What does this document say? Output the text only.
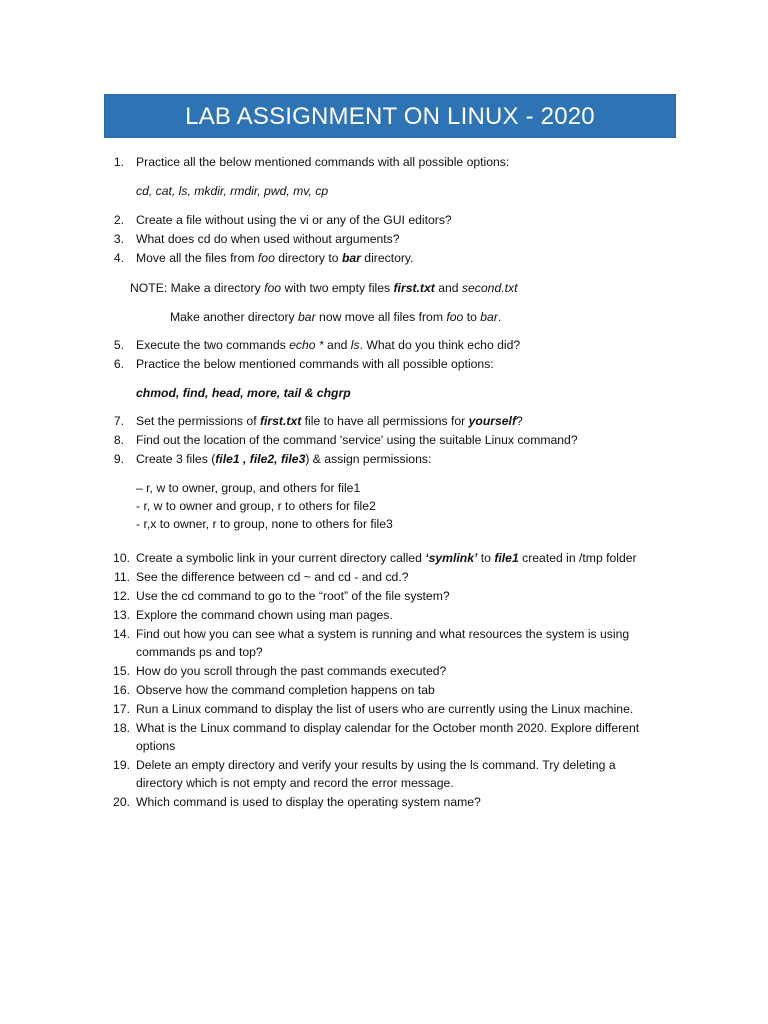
LAB ASSIGNMENT ON LINUX - 2020
1. Practice all the below mentioned commands with all possible options:
cd, cat, ls, mkdir, rmdir, pwd, mv, cp
2. Create a file without using the vi or any of the GUI editors?
3. What does cd do when used without arguments?
4. Move all the files from foo directory to bar directory.
NOTE: Make a directory foo with two empty files first.txt and second.txt
Make another directory bar now move all files from foo to bar.
5. Execute the two commands echo * and ls. What do you think echo did?
6. Practice the below mentioned commands with all possible options:
chmod, find, head, more, tail & chgrp
7. Set the permissions of first.txt file to have all permissions for yourself?
8. Find out the location of the command 'service' using the suitable Linux command?
9. Create 3 files (file1 , file2, file3) & assign permissions:
– r, w to owner, group, and others for file1
- r, w to owner and group, r to others for file2
- r,x to owner, r to group, none to others for file3
10. Create a symbolic link in your current directory called ‘symlink’ to file1 created in /tmp folder
11. See the difference between cd ~ and cd - and cd.?
12. Use the cd command to go to the “root” of the file system?
13. Explore the command chown using man pages.
14. Find out how you can see what a system is running and what resources the system is using
commands ps and top?
15. How do you scroll through the past commands executed?
16. Observe how the command completion happens on tab
17. Run a Linux command to display the list of users who are currently using the Linux machine.
18. What is the Linux command to display calendar for the October month 2020. Explore different
options
19. Delete an empty directory and verify your results by using the ls command. Try deleting a
directory which is not empty and record the error message.
20. Which command is used to display the operating system name?
